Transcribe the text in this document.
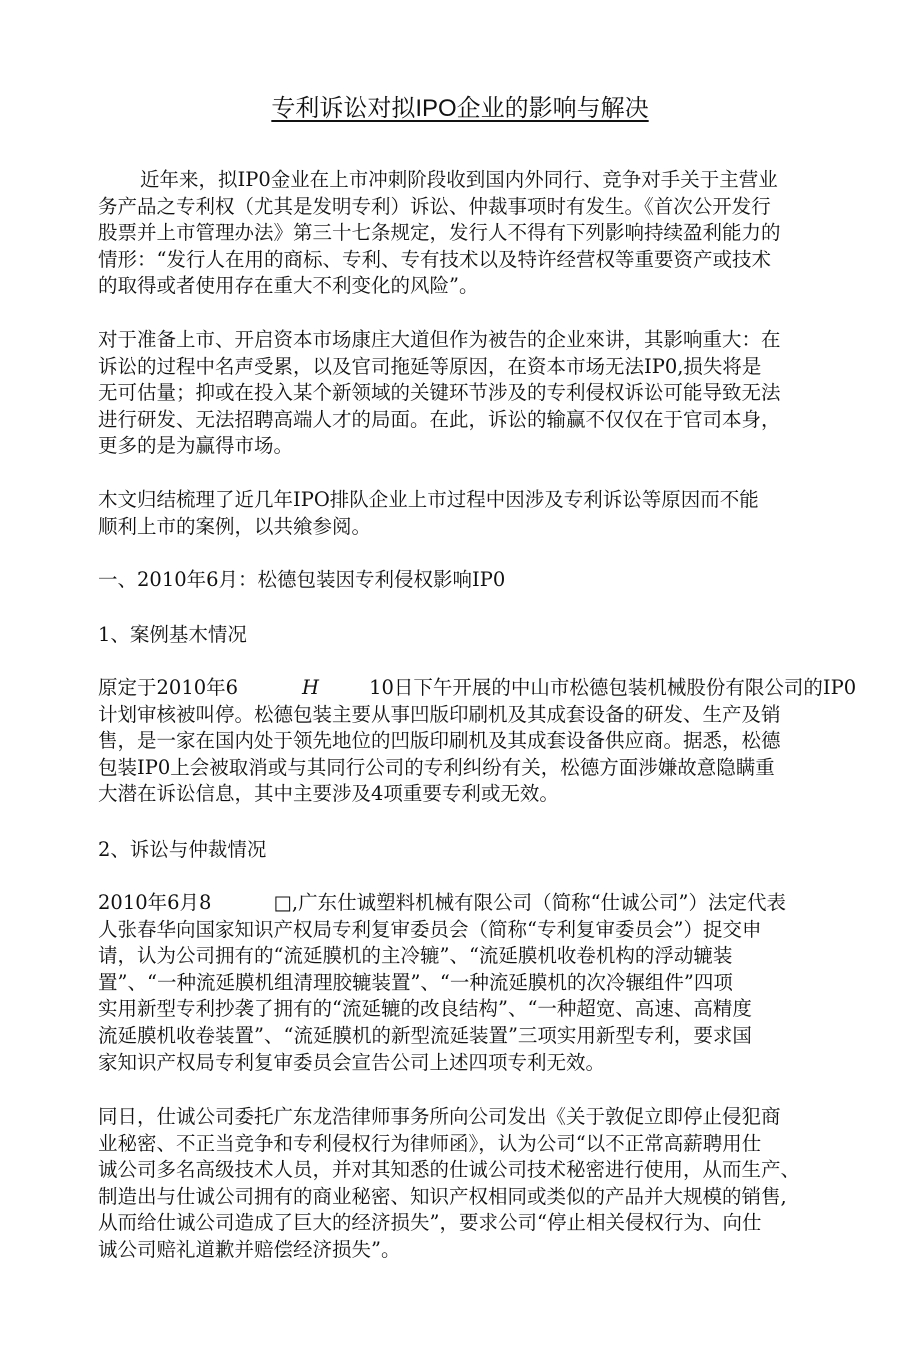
专利诉讼对拟IPO企业的影响与解决
近年来，拟IP0金业在上市冲刺阶段收到国内外同行、竞争对手关于主营业
务产品之专利权（尤其是发明专利）诉讼、仲裁事项时有发生。《首次公开发行
股票并上市管理办法》第三十七条规定，发行人不得有下列影响持续盈利能力的
情形：“发行人在用的商标、专利、专有技术以及特许经营权等重要资产或技术
的取得或者使用存在重大不利变化的风险”。
对于准备上市、开启资本市场康庄大道但作为被告的企业來讲，其影响重大：在
诉讼的过程中名声受累，以及官司拖延等原因，在资本市场无法IP0,损失将是
无可估量；抑或在投入某个新领域的关键环节涉及的专利侵权诉讼可能导致无法
进行研发、无法招聘高端人才的局面。在此，诉讼的输赢不仅仅在于官司本身，
更多的是为赢得市场。
木文归结梳理了近几年IPO排队企业上市过程中因涉及专利诉讼等原因而不能
顺利上市的案例，以共飨参阅。
一、2010年6月：松德包装因专利侵权影响IP0
1、案例基木情况
原定于2010年6	H	10日下午开展的中山市松德包装机械股份有限公司的IP0
计划审核被叫停。松德包装主要从事凹版印刷机及其成套设备的研发、生产及销
售，是一家在国内处于领先地位的凹版印刷机及其成套设备供应商。据悉，松德
包装IP0上会被取消或与其同行公司的专利纠纷有关，松德方面涉嫌故意隐瞒重
大潜在诉讼信息，其中主要涉及4项重要专利或无效。
2、诉讼与仲裁情况
2010年6月8	□,广东仕诚塑料机械有限公司（简称“仕诚公司”）法定代表
人张春华向国家知识产权局专利复审委员会（简称“专利复审委员会”）捉交申
请，认为公司拥有的“流延膜机的主冷辘”、“流延膜机收卷机构的浮动辘装
置”、“一种流延膜机组清理胶辘装置”、“一种流延膜机的次冷辗组件”四项
实用新型专利抄袭了拥有的“流延辘的改良结构”、“一种超宽、高速、高精度
流延膜机收卷装置”、“流延膜机的新型流延装置”三项实用新型专利，要求国
家知识产权局专利复审委员会宣告公司上述四项专利无效。
同日，仕诚公司委托广东龙浩律师事务所向公司发出《关于敦促立即停止侵犯商
业秘密、不正当竞争和专利侵权行为律师函》，认为公司“以不正常高薪聘用仕
诚公司多名高级技术人员，并对其知悉的仕诚公司技术秘密进行使用，从而生产、
制造出与仕诚公司拥有的商业秘密、知识产权相同或类似的产品并大规模的销售,
从而给仕诚公司造成了巨大的经济损失”，要求公司“停止相关侵权行为、向仕
诚公司赔礼道歉并赔偿经济损失”。
